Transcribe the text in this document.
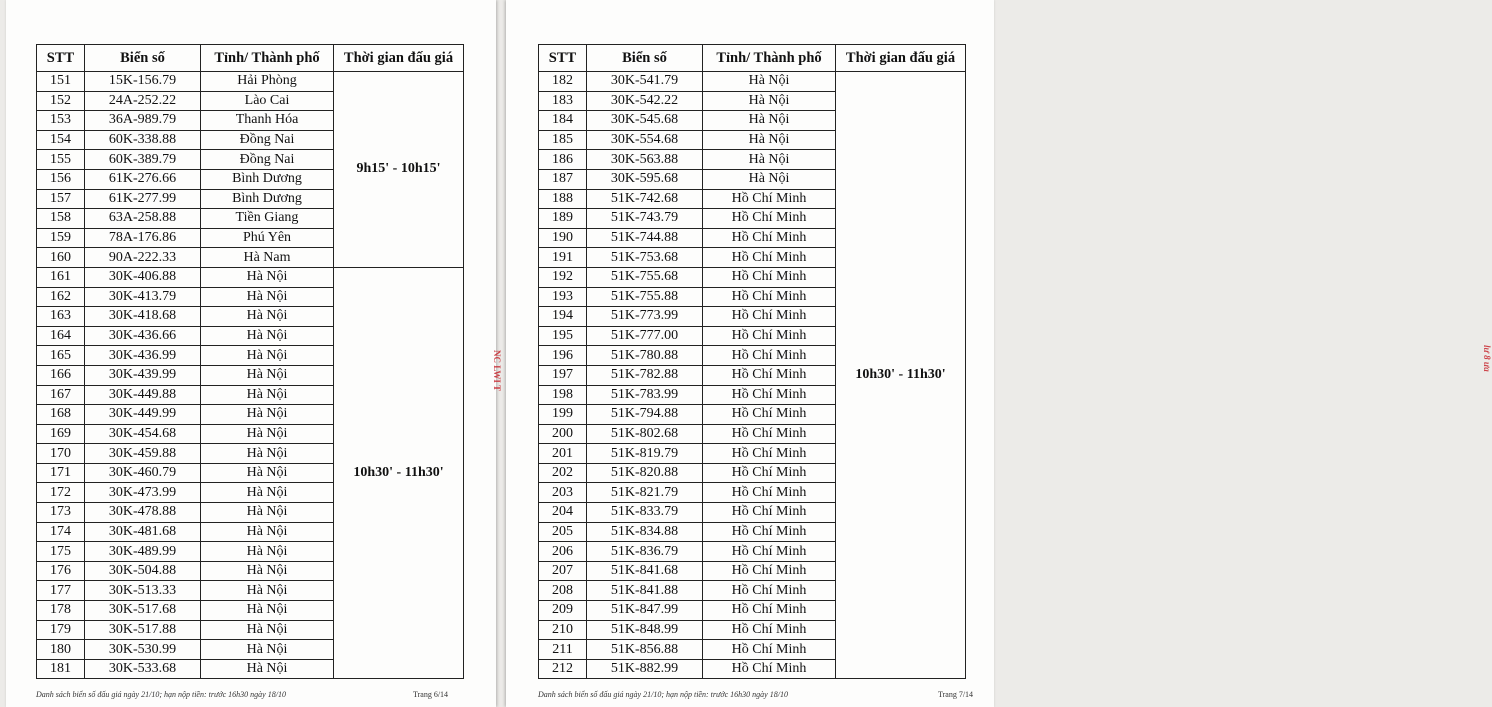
STT	Biển số	Tỉnh/ Thành phố	Thời gian đấu giá
151	15K-156.79	Hải Phòng	9h15' - 10h15'
152	24A-252.22	Lào Cai	
153	36A-989.79	Thanh Hóa	
154	60K-338.88	Đồng Nai	
155	60K-389.79	Đồng Nai	
156	61K-276.66	Bình Dương	
157	61K-277.99	Bình Dương	
158	63A-258.88	Tiền Giang	
159	78A-176.86	Phú Yên	
160	90A-222.33	Hà Nam	
161	30K-406.88	Hà Nội	10h30' - 11h30'
162	30K-413.79	Hà Nội	
163	30K-418.68	Hà Nội	
164	30K-436.66	Hà Nội	
165	30K-436.99	Hà Nội	
166	30K-439.99	Hà Nội	
167	30K-449.88	Hà Nội	
168	30K-449.99	Hà Nội	
169	30K-454.68	Hà Nội	
170	30K-459.88	Hà Nội	
171	30K-460.79	Hà Nội	
172	30K-473.99	Hà Nội	
173	30K-478.88	Hà Nội	
174	30K-481.68	Hà Nội	
175	30K-489.99	Hà Nội	
176	30K-504.88	Hà Nội	
177	30K-513.33	Hà Nội	
178	30K-517.68	Hà Nội	
179	30K-517.88	Hà Nội	
180	30K-530.99	Hà Nội	
181	30K-533.68	Hà Nội	
Danh sách biển số đấu giá ngày 21/10; hạn nộp tiền: trước 16h30 ngày 18/10	Trang 6/14
NC LWI T
STT	Biển số	Tỉnh/ Thành phố	Thời gian đấu giá
182	30K-541.79	Hà Nội	10h30' - 11h30'
183	30K-542.22	Hà Nội	
184	30K-545.68	Hà Nội	
185	30K-554.68	Hà Nội	
186	30K-563.88	Hà Nội	
187	30K-595.68	Hà Nội	
188	51K-742.68	Hồ Chí Minh	
189	51K-743.79	Hồ Chí Minh	
190	51K-744.88	Hồ Chí Minh	
191	51K-753.68	Hồ Chí Minh	
192	51K-755.68	Hồ Chí Minh	
193	51K-755.88	Hồ Chí Minh	
194	51K-773.99	Hồ Chí Minh	
195	51K-777.00	Hồ Chí Minh	
196	51K-780.88	Hồ Chí Minh	
197	51K-782.88	Hồ Chí Minh	
198	51K-783.99	Hồ Chí Minh	
199	51K-794.88	Hồ Chí Minh	
200	51K-802.68	Hồ Chí Minh	
201	51K-819.79	Hồ Chí Minh	
202	51K-820.88	Hồ Chí Minh	
203	51K-821.79	Hồ Chí Minh	
204	51K-833.79	Hồ Chí Minh	
205	51K-834.88	Hồ Chí Minh	
206	51K-836.79	Hồ Chí Minh	
207	51K-841.68	Hồ Chí Minh	
208	51K-841.88	Hồ Chí Minh	
209	51K-847.99	Hồ Chí Minh	
210	51K-848.99	Hồ Chí Minh	
211	51K-856.88	Hồ Chí Minh	
212	51K-882.99	Hồ Chí Minh	
Danh sách biển số đấu giá ngày 21/10; hạn nộp tiền: trước 16h30 ngày 18/10	Trang 7/14
lư 8 ưa
